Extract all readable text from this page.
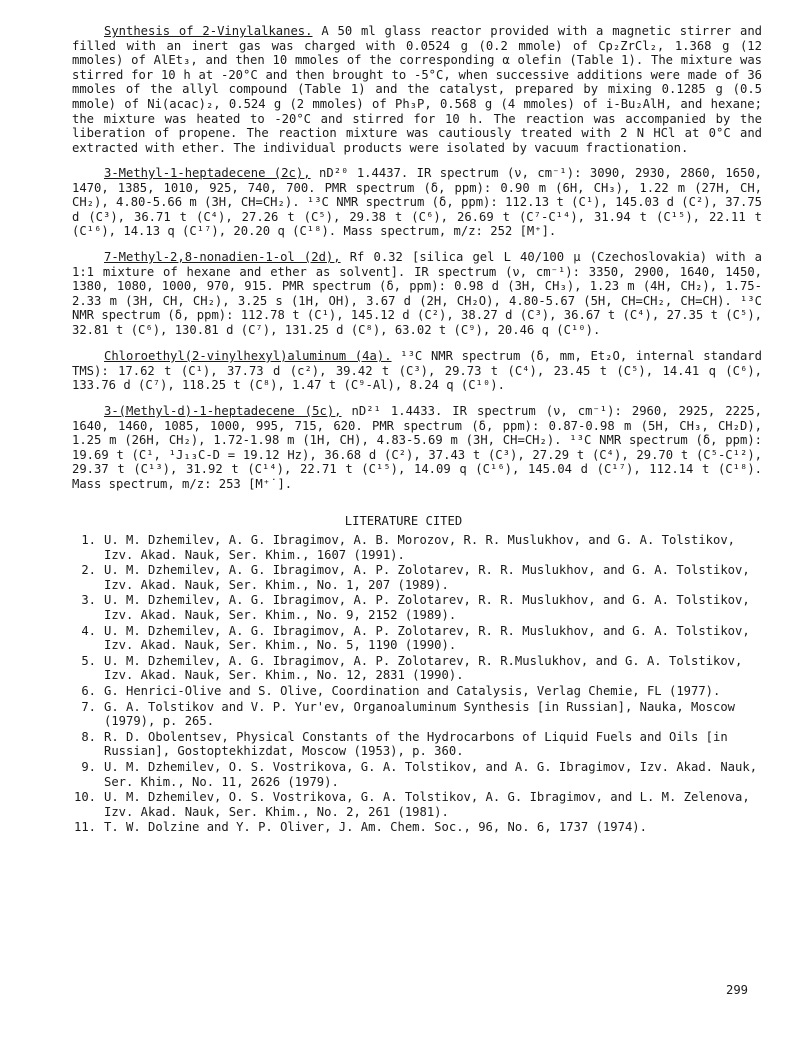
Synthesis of 2-Vinylalkanes. A 50 ml glass reactor provided with a magnetic stirrer and filled with an inert gas was charged with 0.0524 g (0.2 mmole) of Cp₂ZrCl₂, 1.368 g (12 mmoles) of AlEt₃, and then 10 mmoles of the corresponding α olefin (Table 1). The mixture was stirred for 10 h at -20°C and then brought to -5°C, when successive additions were made of 36 mmoles of the allyl compound (Table 1) and the catalyst, prepared by mixing 0.1285 g (0.5 mmole) of Ni(acac)₂, 0.524 g (2 mmoles) of Ph₃P, 0.568 g (4 mmoles) of i-Bu₂AlH, and hexane; the mixture was heated to -20°C and stirred for 10 h. The reaction was accompanied by the liberation of propene. The reaction mixture was cautiously treated with 2 N HCl at 0°C and extracted with ether. The individual products were isolated by vacuum fractionation.

3-Methyl-1-heptadecene (2c), nD²⁰ 1.4437. IR spectrum (ν, cm⁻¹): 3090, 2930, 2860, 1650, 1470, 1385, 1010, 925, 740, 700. PMR spectrum (δ, ppm): 0.90 m (6H, CH₃), 1.22 m (27H, CH, CH₂), 4.80-5.66 m (3H, CH=CH₂). ¹³C NMR spectrum (δ, ppm): 112.13 t (C¹), 145.03 d (C²), 37.75 d (C³), 36.71 t (C⁴), 27.26 t (C⁵), 29.38 t (C⁶), 26.69 t (C⁷-C¹⁴), 31.94 t (C¹⁵), 22.11 t (C¹⁶), 14.13 q (C¹⁷), 20.20 q (C¹⁸). Mass spectrum, m/z: 252 [M⁺].

7-Methyl-2,8-nonadien-1-ol (2d), Rf 0.32 [silica gel L 40/100 μ (Czechoslovakia) with a 1:1 mixture of hexane and ether as solvent]. IR spectrum (ν, cm⁻¹): 3350, 2900, 1640, 1450, 1380, 1080, 1000, 970, 915. PMR spectrum (δ, ppm): 0.98 d (3H, CH₃), 1.23 m (4H, CH₂), 1.75-2.33 m (3H, CH, CH₂), 3.25 s (1H, OH), 3.67 d (2H, CH₂O), 4.80-5.67 (5H, CH=CH₂, CH=CH). ¹³C NMR spectrum (δ, ppm): 112.78 t (C¹), 145.12 d (C²), 38.27 d (C³), 36.67 t (C⁴), 27.35 t (C⁵), 32.81 t (C⁶), 130.81 d (C⁷), 131.25 d (C⁸), 63.02 t (C⁹), 20.46 q (C¹⁰).

Chloroethyl(2-vinylhexyl)aluminum (4a). ¹³C NMR spectrum (δ, mm, Et₂O, internal standard TMS): 17.62 t (C¹), 37.73 d (c²), 39.42 t (C³), 29.73 t (C⁴), 23.45 t (C⁵), 14.41 q (C⁶), 133.76 d (C⁷), 118.25 t (C⁸), 1.47 t (C⁹-Al), 8.24 q (C¹⁰).

3-(Methyl-d)-1-heptadecene (5c), nD²¹ 1.4433. IR spectrum (ν, cm⁻¹): 2960, 2925, 2225, 1640, 1460, 1085, 1000, 995, 715, 620. PMR spectrum (δ, ppm): 0.87-0.98 m (5H, CH₃, CH₂D), 1.25 m (26H, CH₂), 1.72-1.98 m (1H, CH), 4.83-5.69 m (3H, CH=CH₂). ¹³C NMR spectrum (δ, ppm): 19.69 t (C¹, ¹J₁₃C-D = 19.12 Hz), 36.68 d (C²), 37.43 t (C³), 27.29 t (C⁴), 29.70 t (C⁵-C¹²), 29.37 t (C¹³), 31.92 t (C¹⁴), 22.71 t (C¹⁵), 14.09 q (C¹⁶), 145.04 d (C¹⁷), 112.14 t (C¹⁸). Mass spectrum, m/z: 253 [M⁺˙].

LITERATURE CITED

1. U. M. Dzhemilev, A. G. Ibragimov, A. B. Morozov, R. R. Muslukhov, and G. A. Tolstikov, Izv. Akad. Nauk, Ser. Khim., 1607 (1991).
2. U. M. Dzhemilev, A. G. Ibragimov, A. P. Zolotarev, R. R. Muslukhov, and G. A. Tolstikov, Izv. Akad. Nauk, Ser. Khim., No. 1, 207 (1989).
3. U. M. Dzhemilev, A. G. Ibragimov, A. P. Zolotarev, R. R. Muslukhov, and G. A. Tolstikov, Izv. Akad. Nauk, Ser. Khim., No. 9, 2152 (1989).
4. U. M. Dzhemilev, A. G. Ibragimov, A. P. Zolotarev, R. R. Muslukhov, and G. A. Tolstikov, Izv. Akad. Nauk, Ser. Khim., No. 5, 1190 (1990).
5. U. M. Dzhemilev, A. G. Ibragimov, A. P. Zolotarev, R. R.Muslukhov, and G. A. Tolstikov, Izv. Akad. Nauk, Ser. Khim., No. 12, 2831 (1990).
6. G. Henrici-Olive and S. Olive, Coordination and Catalysis, Verlag Chemie, FL (1977).
7. G. A. Tolstikov and V. P. Yur'ev, Organoaluminum Synthesis [in Russian], Nauka, Moscow (1979), p. 265.
8. R. D. Obolentsev, Physical Constants of the Hydrocarbons of Liquid Fuels and Oils [in Russian], Gostoptekhizdat, Moscow (1953), p. 360.
9. U. M. Dzhemilev, O. S. Vostrikova, G. A. Tolstikov, and A. G. Ibragimov, Izv. Akad. Nauk, Ser. Khim., No. 11, 2626 (1979).
10. U. M. Dzhemilev, O. S. Vostrikova, G. A. Tolstikov, A. G. Ibragimov, and L. M. Zelenova, Izv. Akad. Nauk, Ser. Khim., No. 2, 261 (1981).
11. T. W. Dolzine and Y. P. Oliver, J. Am. Chem. Soc., 96, No. 6, 1737 (1974).
299
